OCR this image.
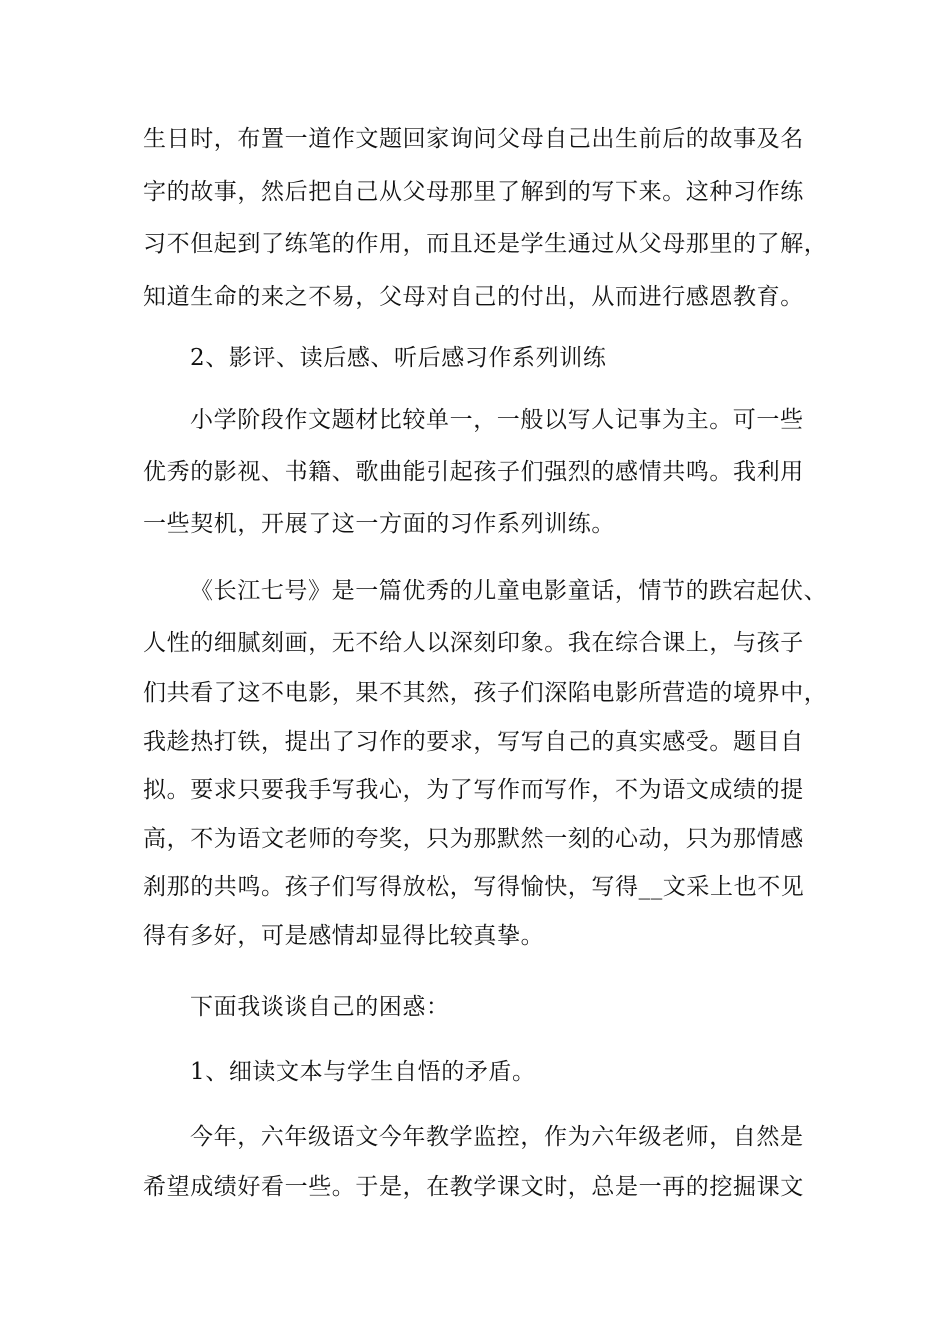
生日时，布置一道作文题回家询问父母自己出生前后的故事及名
字的故事，然后把自己从父母那里了解到的写下来。这种习作练
习不但起到了练笔的作用，而且还是学生通过从父母那里的了解，
知道生命的来之不易，父母对自己的付出，从而进行感恩教育。
2、影评、读后感、听后感习作系列训练
小学阶段作文题材比较单一，一般以写人记事为主。可一些
优秀的影视、书籍、歌曲能引起孩子们强烈的感情共鸣。我利用
一些契机，开展了这一方面的习作系列训练。
《长江七号》是一篇优秀的儿童电影童话，情节的跌宕起伏、
人性的细腻刻画，无不给人以深刻印象。我在综合课上，与孩子
们共看了这不电影，果不其然，孩子们深陷电影所营造的境界中，
我趁热打铁，提出了习作的要求，写写自己的真实感受。题目自
拟。要求只要我手写我心，为了写作而写作，不为语文成绩的提
高，不为语文老师的夸奖，只为那默然一刻的心动，只为那情感
刹那的共鸣。孩子们写得放松，写得愉快，写得__文采上也不见
得有多好，可是感情却显得比较真挚。
下面我谈谈自己的困惑：
1、细读文本与学生自悟的矛盾。
今年，六年级语文今年教学监控，作为六年级老师，自然是
希望成绩好看一些。于是，在教学课文时，总是一再的挖掘课文
